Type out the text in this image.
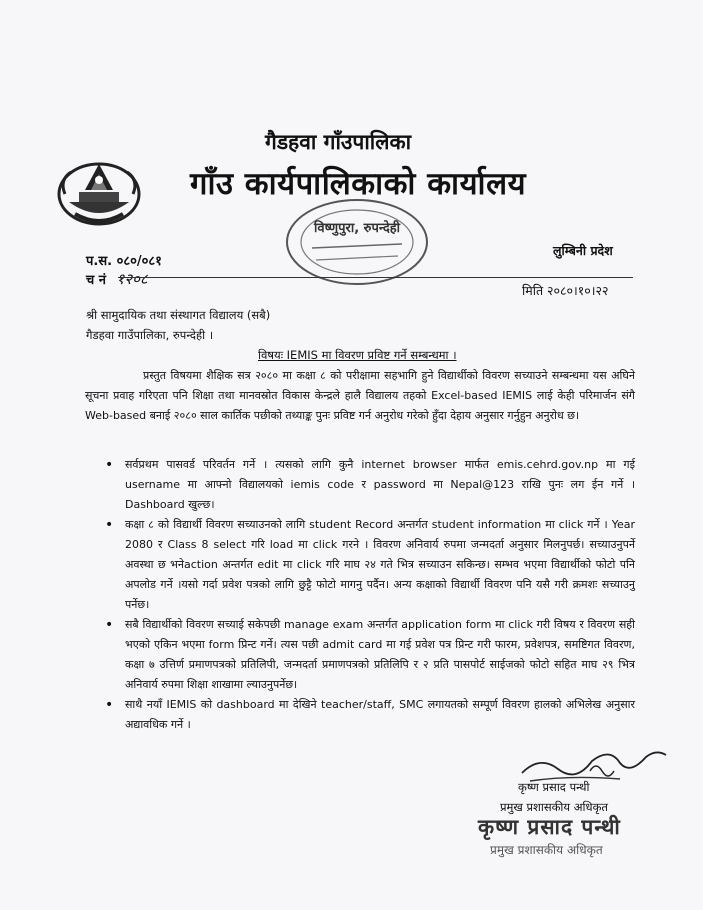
गैडहवा गाँउपालिका
गाँउ कार्यपालिकाको कार्यालय
विष्णुपुरा, रुपन्देही
लुम्बिनी प्रदेश
प.स. ०८०/०८१
च नं १२०८
मिति २०८०।१०।२२
श्री सामुदायिक तथा संस्थागत विद्यालय (सबै)
गैडहवा गाउँपालिका, रुपन्देही ।
विषयः IEMIS मा विवरण प्रविष्ट गर्ने सम्बन्धमा ।
प्रस्तुत विषयमा शैक्षिक सत्र २०८० मा कक्षा ८ को परीक्षामा सहभागि हुने विद्यार्थीको विवरण सच्याउने सम्बन्धमा यस अघिने सूचना प्रवाह गरिएता पनि शिक्षा तथा मानवस्रोत विकास केन्द्रले हालै विद्यालय तहको Excel-based IEMIS लाई केही परिमार्जन संगै Web-based बनाई २०८० साल कार्तिक पछीको तथ्याङ्क पुनः प्रविष्ट गर्न अनुरोध गरेको हुँदा देहाय अनुसार गर्नुहुन अनुरोध छ।
• सर्वप्रथम पासवर्ड परिवर्तन गर्ने । त्यसको लागि कुनै internet browser मार्फत emis.cehrd.gov.np मा गई username मा आफ्नो विद्यालयको iemis code र password मा Nepal@123 राखि पुनः लग ईन गर्ने । Dashboard खुल्छ।
• कक्षा ८ को विद्यार्थी विवरण सच्याउनको लागि student Record अन्तर्गत student information मा click गर्ने । Year 2080 र Class 8 select गरि load मा click गरने । विवरण अनिवार्य रुपमा जन्मदर्ता अनुसार मिलनुपर्छ। सच्याउनुपर्ने अवस्था छ भनेaction अन्तर्गत edit मा click गरि माघ २४ गते भित्र सच्याउन सकिन्छ। सम्भव भएमा विद्यार्थीको फोटो पनि अपलोड गर्ने ।यसो गर्दा प्रवेश पत्रको लागि छुट्टै फोटो मागनु पर्दैन। अन्य कक्षाको विद्यार्थी विवरण पनि यसै गरी क्रमशः सच्याउनु पर्नेछ।
• सबै विद्यार्थीको विवरण सच्याई सकेपछी manage exam अन्तर्गत application form मा click गरी विषय र विवरण सही भएको एकिन भएमा form प्रिन्ट गर्ने। त्यस पछी admit card मा गई प्रवेश पत्र प्रिन्ट गरी फारम, प्रवेशपत्र, समष्टिगत विवरण, कक्षा ७ उत्तिर्ण प्रमाणपत्रको प्रतिलिपी, जन्मदर्ता प्रमाणपत्रको प्रतिलिपि र २ प्रति पासपोर्ट साईजको फोटो सहित माघ २९ भित्र अनिवार्य रुपमा शिक्षा शाखामा ल्याउनुपर्नेछ।
• साथै नयाँ IEMIS को dashboard मा देखिने teacher/staff, SMC लगायतको सम्पूर्ण विवरण हालको अभिलेख अनुसार अद्यावधिक गर्ने ।
कृष्ण प्रसाद पन्थी
प्रमुख प्रशासकीय अधिकृत
कृष्ण प्रसाद पन्थी
प्रमुख प्रशासकीय अधिकृत
